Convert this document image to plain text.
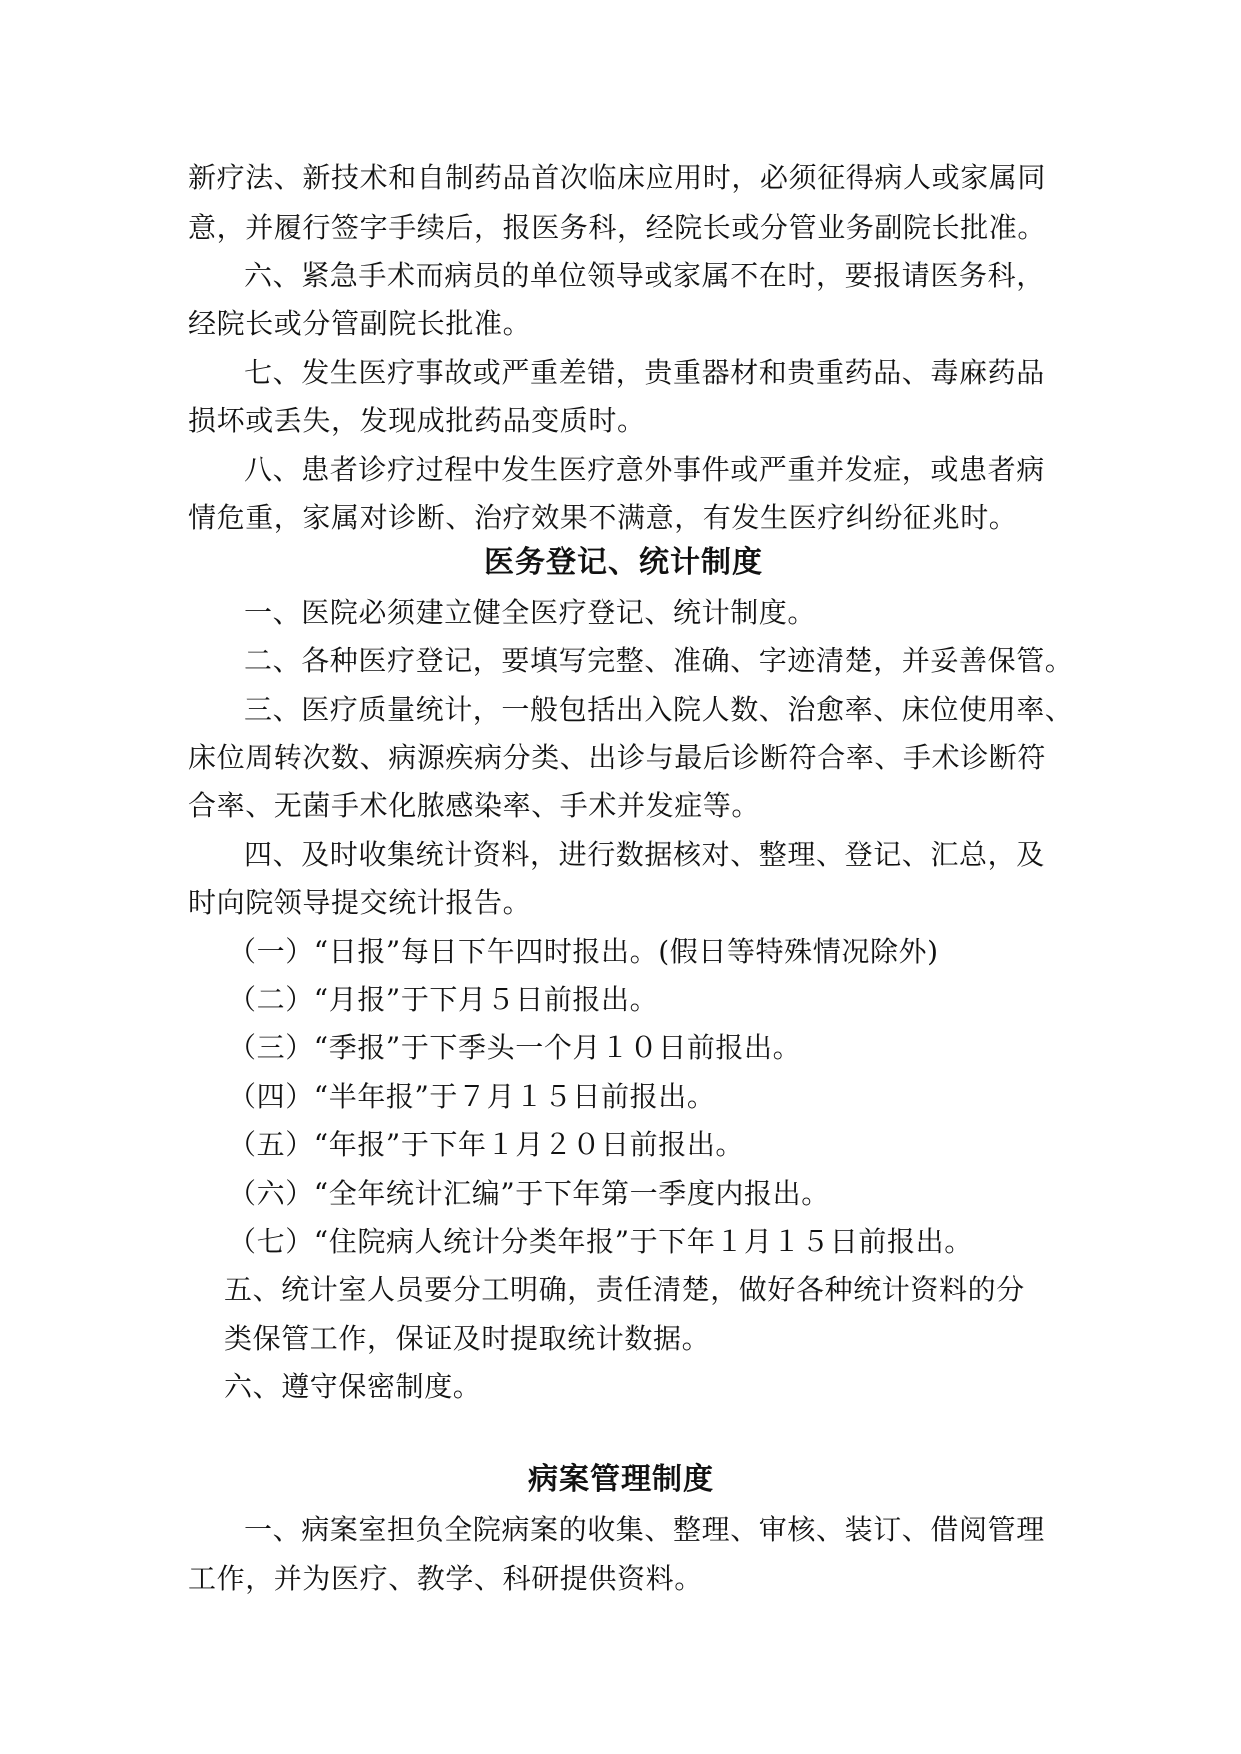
新疗法、新技术和自制药品首次临床应用时，必须征得病人或家属同
意，并履行签字手续后，报医务科，经院长或分管业务副院长批准。
六、紧急手术而病员的单位领导或家属不在时，要报请医务科，
经院长或分管副院长批准。
七、发生医疗事故或严重差错，贵重器材和贵重药品、毒麻药品
损坏或丢失，发现成批药品变质时。
八、患者诊疗过程中发生医疗意外事件或严重并发症，或患者病
情危重，家属对诊断、治疗效果不满意，有发生医疗纠纷征兆时。
医务登记、统计制度
一、医院必须建立健全医疗登记、统计制度。
二、各种医疗登记，要填写完整、准确、字迹清楚，并妥善保管。
三、医疗质量统计，一般包括出入院人数、治愈率、床位使用率、
床位周转次数、病源疾病分类、出诊与最后诊断符合率、手术诊断符
合率、无菌手术化脓感染率、手术并发症等。
四、及时收集统计资料，进行数据核对、整理、登记、汇总，及
时向院领导提交统计报告。
（一）“日报”每日下午四时报出。(假日等特殊情况除外)
（二）“月报”于下月５日前报出。
（三）“季报”于下季头一个月１０日前报出。
（四）“半年报”于７月１５日前报出。
（五）“年报”于下年１月２０日前报出。
（六）“全年统计汇编”于下年第一季度内报出。
（七）“住院病人统计分类年报”于下年１月１５日前报出。
五、统计室人员要分工明确，责任清楚，做好各种统计资料的分
类保管工作，保证及时提取统计数据。
六、遵守保密制度。
病案管理制度
一、病案室担负全院病案的收集、整理、审核、装订、借阅管理
工作，并为医疗、教学、科研提供资料。
